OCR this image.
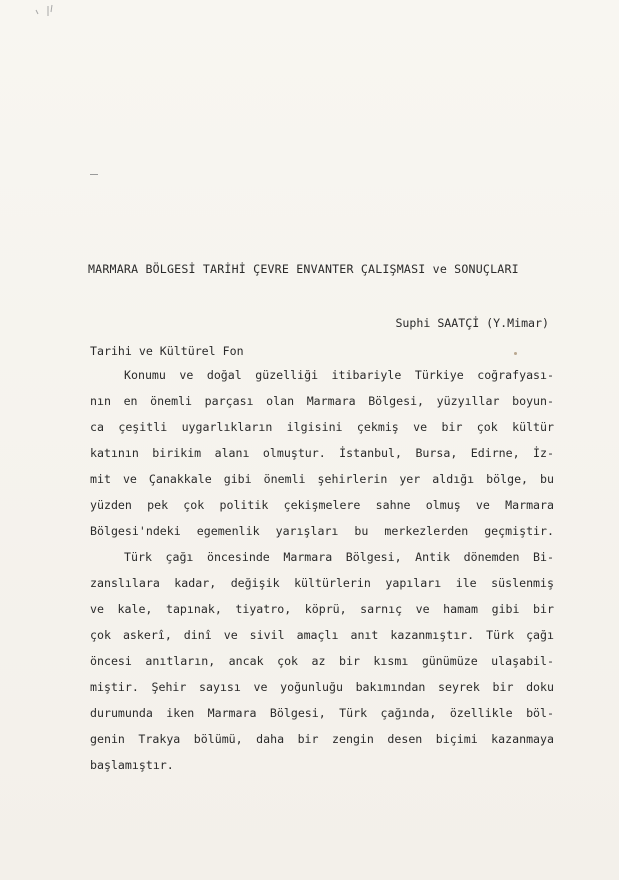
MARMARA BÖLGESİ TARİHİ ÇEVRE ENVANTER ÇALIŞMASI ve SONUÇLARI
Suphi SAATÇİ (Y.Mimar)
Tarihi ve Kültürel Fon
Konumu ve doğal güzelliği itibariyle Türkiye coğrafyası-
nın en önemli parçası olan Marmara Bölgesi, yüzyıllar boyun-
ca çeşitli uygarlıkların ilgisini çekmiş ve bir çok kültür
katının birikim alanı olmuştur. İstanbul, Bursa, Edirne, İz-
mit ve Çanakkale gibi önemli şehirlerin yer aldığı bölge, bu
yüzden pek çok politik çekişmelere sahne olmuş ve Marmara
Bölgesi'ndeki egemenlik yarışları bu merkezlerden geçmiştir.
Türk çağı öncesinde Marmara Bölgesi, Antik dönemden Bi-
zanslılara kadar, değişik kültürlerin yapıları ile süslenmiş
ve kale, tapınak, tiyatro, köprü, sarnıç ve hamam gibi bir
çok askerî, dinî ve sivil amaçlı anıt kazanmıştır. Türk çağı
öncesi anıtların, ancak çok az bir kısmı günümüze ulaşabil-
miştir. Şehir sayısı ve yoğunluğu bakımından seyrek bir doku
durumunda iken Marmara Bölgesi, Türk çağında, özellikle böl-
genin Trakya bölümü, daha bir zengin desen biçimi kazanmaya
başlamıştır.
